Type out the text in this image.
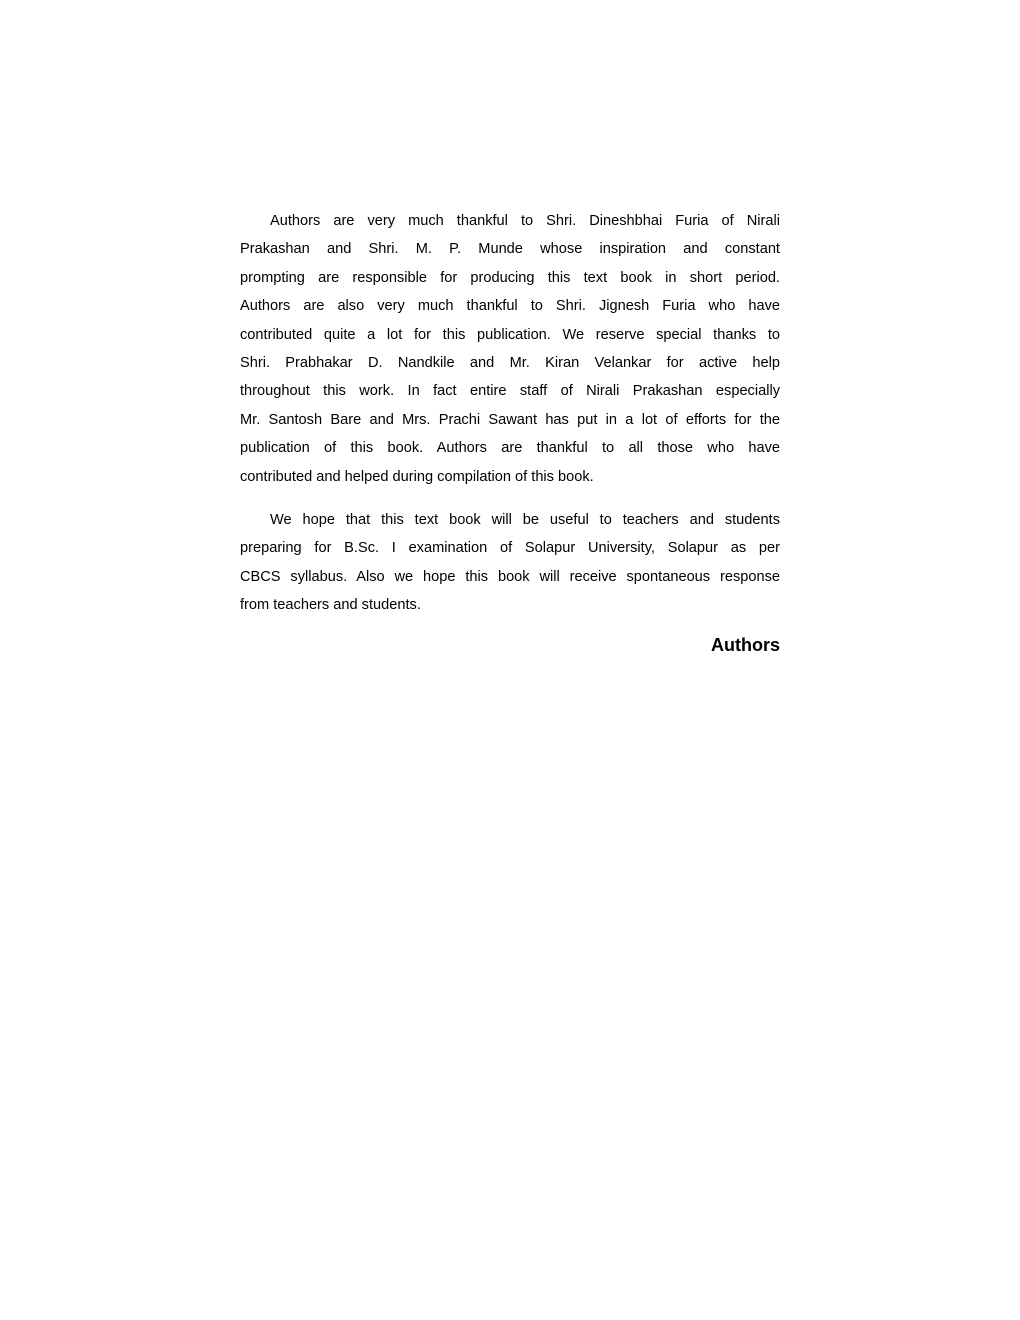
Authors are very much thankful to Shri. Dineshbhai Furia of Nirali
Prakashan and Shri. M. P. Munde whose inspiration and constant
prompting are responsible for producing this text book in short period.
Authors are also very much thankful to Shri. Jignesh Furia who have
contributed quite a lot for this publication. We reserve special thanks to
Shri. Prabhakar D. Nandkile and Mr. Kiran Velankar for active help
throughout this work. In fact entire staff of Nirali Prakashan especially
Mr. Santosh Bare and Mrs. Prachi Sawant has put in a lot of efforts for the
publication of this book. Authors are thankful to all those who have
contributed and helped during compilation of this book.
We hope that this text book will be useful to teachers and students
preparing for B.Sc. I examination of Solapur University, Solapur as per
CBCS syllabus. Also we hope this book will receive spontaneous response
from teachers and students.
Authors
